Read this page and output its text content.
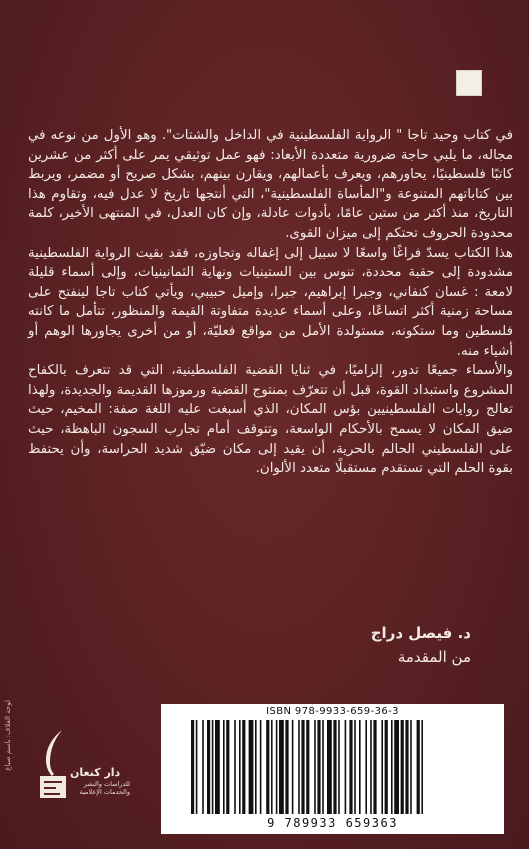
في كتاب وحيد تاجا " الرواية الفلسطينية في الداخل والشتات". وهو الأول من نوعه في مجاله، ما يلبي حاجة ضرورية متعددة الأبعاد: فهو عمل توثيقي يمر على أكثر من عشرين كاتبًا فلسطينيًا، يحاورهم، ويعرف بأعمالهم، ويقارن بينهم، بشكل صريح أو مضمر، ويربط بين كتاباتهم المتنوعة و"المأساة الفلسطينية"، التي أنتجها تاريخ لا عدل فيه، وتقاوم هذا التاريخ، منذ أكثر من ستين عامًا، بأدوات عادلة، وإن كان العدل، في المنتهى الأخير، كلمة محدودة الحروف تحتكم إلى ميزان القوى.

هذا الكتاب يسدّ فراغًا واسعًا لا سبيل إلى إغفاله وتجاوزه، فقد بقيت الرواية الفلسطينية مشدودة إلى حقبة محددة، تنوس بين الستينيات ونهاية الثمانينيات، وإلى أسماء قليلة لامعة : غسان كنفاني، وجبرا إبراهيم، جبرا، وإميل حبيبي، ويأتي كتاب تاجا لينفتح على مساحة زمنية أكثر اتساعًا، وعلى أسماء عديدة متفاوتة القيمة والمنظور، تتأمل ما كانته فلسطين وما ستكونه، مستولدة الأمل من مواقع فعليّة، أو من أخرى يجاورها الوهم أو أشياء منه.

والأسماء جميعًا تدور، إلزاميًا، في ثنايا القضية الفلسطينية، التي قد تتعرف بالكفاح المشروع واستبداد القوة، قبل أن تتعرّف بمنتوج القضية ورموزها القديمة والجديدة، ولهذا تعالج روايات الفلسطينيين بؤس المكان، الذي أسبغت عليه اللغة صفة: المخيم، حيث ضيق المكان لا يسمح بالأحكام الواسعة، وتتوقف أمام تجارب السجون الباهظة، حيث على الفلسطيني الحالم بالحرية، أن يقيد إلى مكان ضيّق شديد الحراسة، وأن يحتفظ بقوة الحلم التي تستقدم مستقبلًا متعدد الألوان.

د. فيصل دراج
من المقدمة
لوحة الغلاف: باسم صباغ
دار كنعان
للدراسات والنشر والخدمات الإعلامية
ISBN 978-9933-659-36-3
9 789933 659363
